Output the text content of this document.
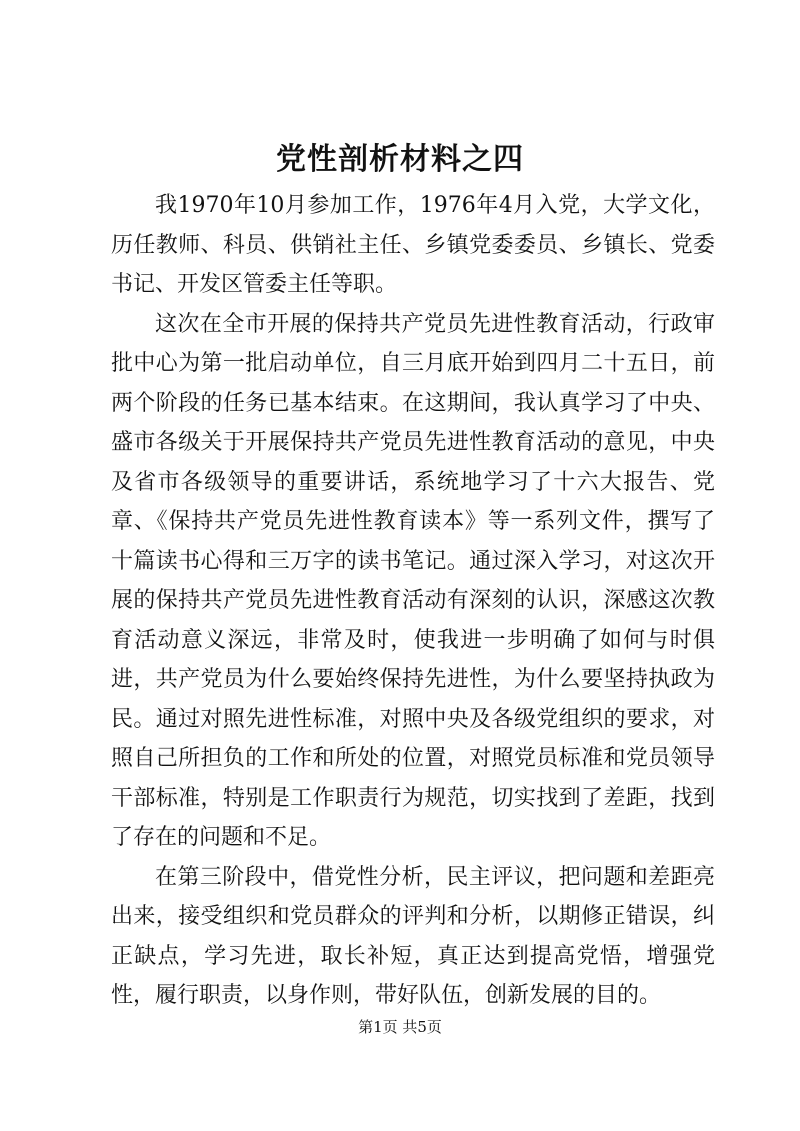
党性剖析材料之四

我1970年10月参加工作，1976年4月入党，大学文化，历任教师、科员、供销社主任、乡镇党委委员、乡镇长、党委书记、开发区管委主任等职。

这次在全市开展的保持共产党员先进性教育活动，行政审批中心为第一批启动单位，自三月底开始到四月二十五日，前两个阶段的任务已基本结束。在这期间，我认真学习了中央、盛市各级关于开展保持共产党员先进性教育活动的意见，中央及省市各级领导的重要讲话，系统地学习了十六大报告、党章、《保持共产党员先进性教育读本》等一系列文件，撰写了十篇读书心得和三万字的读书笔记。通过深入学习，对这次开展的保持共产党员先进性教育活动有深刻的认识，深感这次教育活动意义深远，非常及时，使我进一步明确了如何与时俱进，共产党员为什么要始终保持先进性，为什么要坚持执政为民。通过对照先进性标准，对照中央及各级党组织的要求，对照自己所担负的工作和所处的位置，对照党员标准和党员领导干部标准，特别是工作职责行为规范，切实找到了差距，找到了存在的问题和不足。

在第三阶段中，借党性分析，民主评议，把问题和差距亮出来，接受组织和党员群众的评判和分析，以期修正错误，纠正缺点，学习先进，取长补短，真正达到提高党悟，增强党性，履行职责，以身作则，带好队伍，创新发展的目的。

第1页 共5页
